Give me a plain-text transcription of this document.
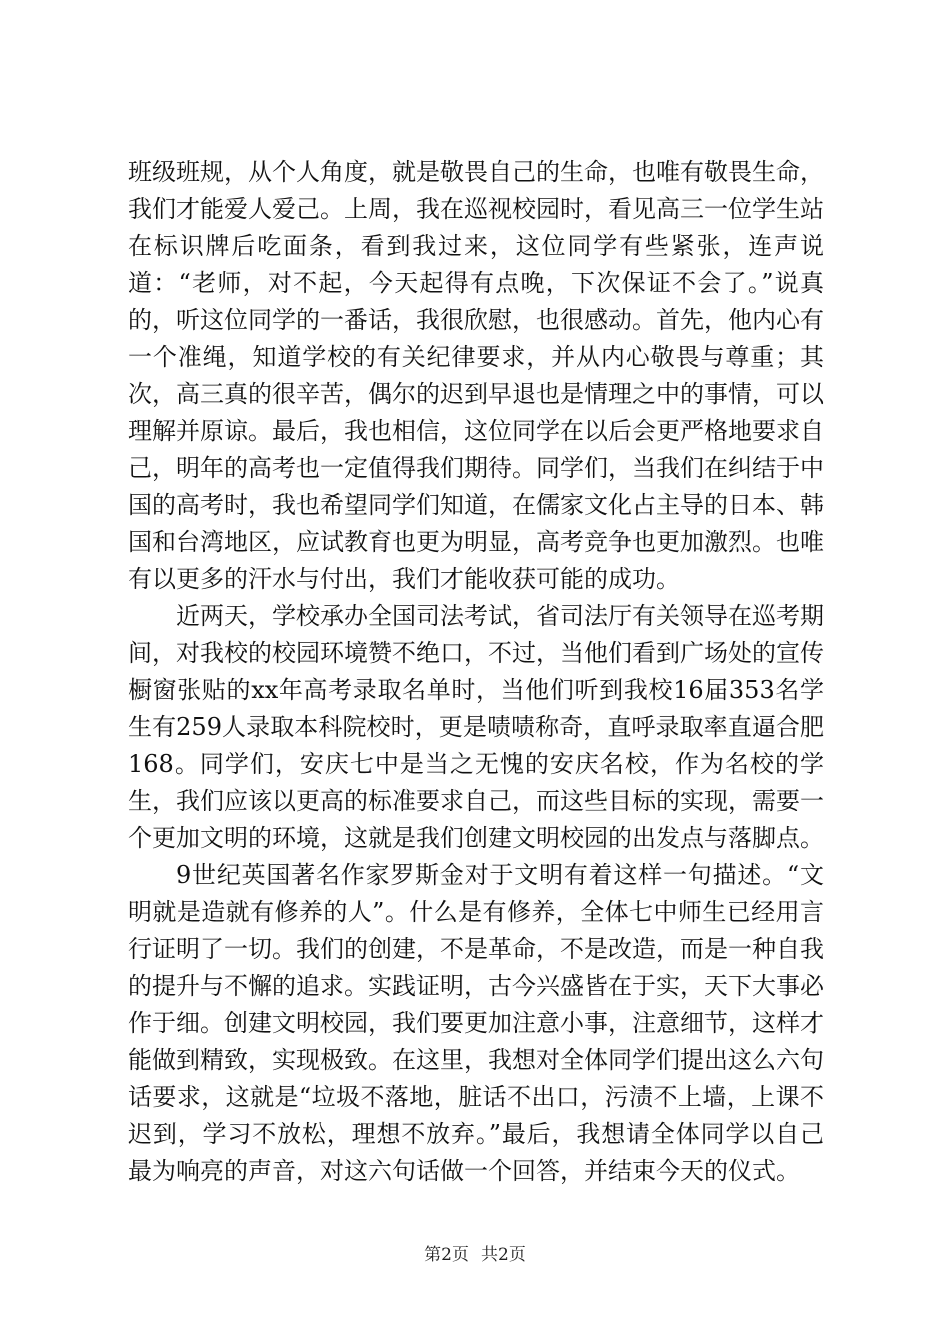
班级班规，从个人角度，就是敬畏自己的生命，也唯有敬畏生命，我们才能爱人爱己。上周，我在巡视校园时，看见高三一位学生站在标识牌后吃面条，看到我过来，这位同学有些紧张，连声说道：“老师，对不起，今天起得有点晚，下次保证不会了。”说真的，听这位同学的一番话，我很欣慰，也很感动。首先，他内心有一个准绳，知道学校的有关纪律要求，并从内心敬畏与尊重；其次，高三真的很辛苦，偶尔的迟到早退也是情理之中的事情，可以理解并原谅。最后，我也相信，这位同学在以后会更严格地要求自己，明年的高考也一定值得我们期待。同学们，当我们在纠结于中国的高考时，我也希望同学们知道，在儒家文化占主导的日本、韩国和台湾地区，应试教育也更为明显，高考竞争也更加激烈。也唯有以更多的汗水与付出，我们才能收获可能的成功。

近两天，学校承办全国司法考试，省司法厅有关领导在巡考期间，对我校的校园环境赞不绝口，不过，当他们看到广场处的宣传橱窗张贴的xx年高考录取名单时，当他们听到我校16届353名学生有259人录取本科院校时，更是啧啧称奇，直呼录取率直逼合肥168。同学们，安庆七中是当之无愧的安庆名校，作为名校的学生，我们应该以更高的标准要求自己，而这些目标的实现，需要一个更加文明的环境，这就是我们创建文明校园的出发点与落脚点。

9世纪英国著名作家罗斯金对于文明有着这样一句描述。“文明就是造就有修养的人”。什么是有修养，全体七中师生已经用言行证明了一切。我们的创建，不是革命，不是改造，而是一种自我的提升与不懈的追求。实践证明，古今兴盛皆在于实，天下大事必作于细。创建文明校园，我们要更加注意小事，注意细节，这样才能做到精致，实现极致。在这里，我想对全体同学们提出这么六句话要求，这就是“垃圾不落地，脏话不出口，污渍不上墙，上课不迟到，学习不放松，理想不放弃。”最后，我想请全体同学以自己最为响亮的声音，对这六句话做一个回答，并结束今天的仪式。

第2页 共2页
